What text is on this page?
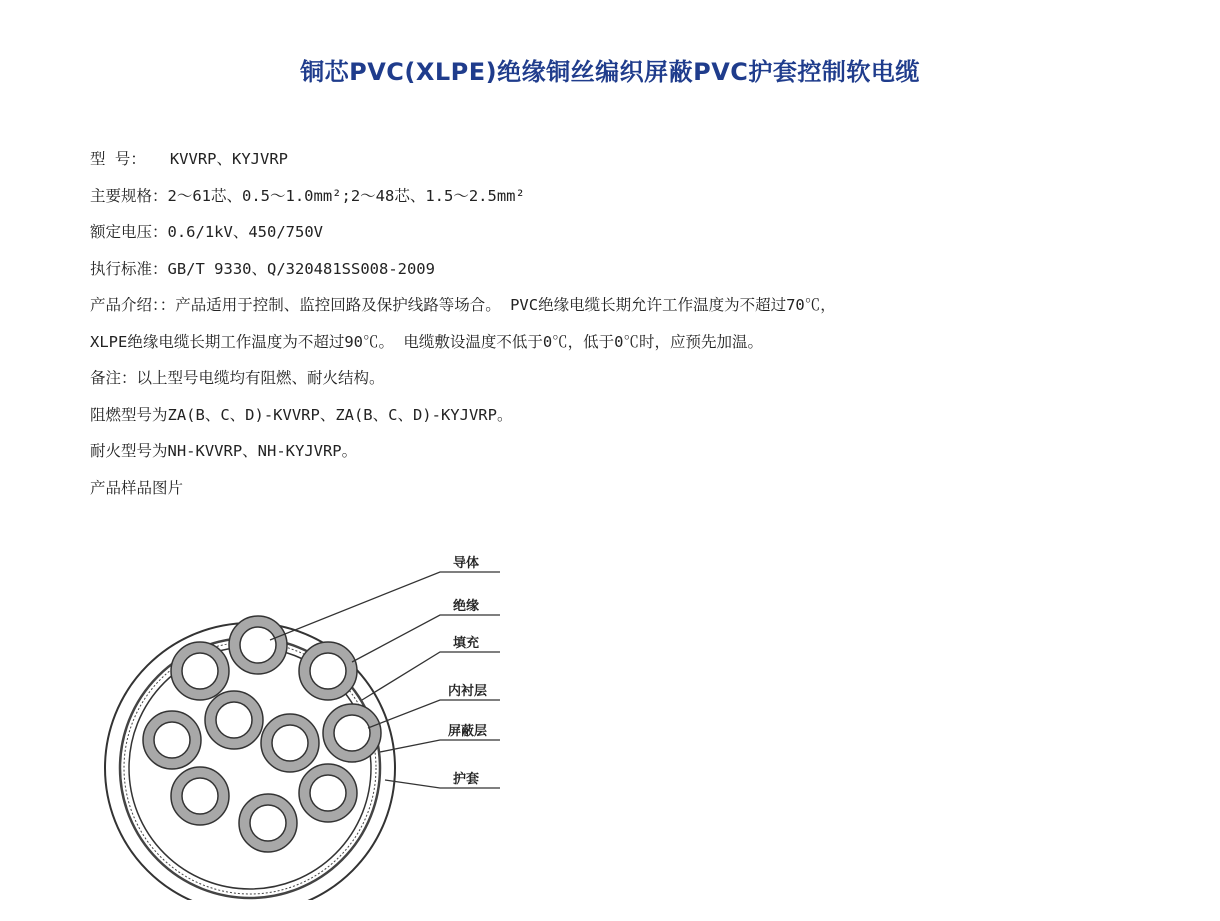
铜芯PVC(XLPE)绝缘铜丝编织屏蔽PVC护套控制软电缆
型 号： KVVRP、KYJVRP
主要规格：2～61芯、0.5～1.0mm²;2～48芯、1.5～2.5mm²
额定电压：0.6/1kV、450/750V
执行标准：GB/T 9330、Q/320481SS008-2009
产品介绍：：产品适用于控制、监控回路及保护线路等场合。 PVC绝缘电缆长期允许工作温度为不超过70℃，
XLPE绝缘电缆长期工作温度为不超过90℃。 电缆敷设温度不低于0℃，低于0℃时，应预先加温。
备注：以上型号电缆均有阻燃、耐火结构。
阻燃型号为ZA(B、C、D)-KVVRP、ZA(B、C、D)-KYJVRP。
耐火型号为NH-KVVRP、NH-KYJVRP。
产品样品图片
导体
绝缘
填充
内衬层
屏蔽层
护套
